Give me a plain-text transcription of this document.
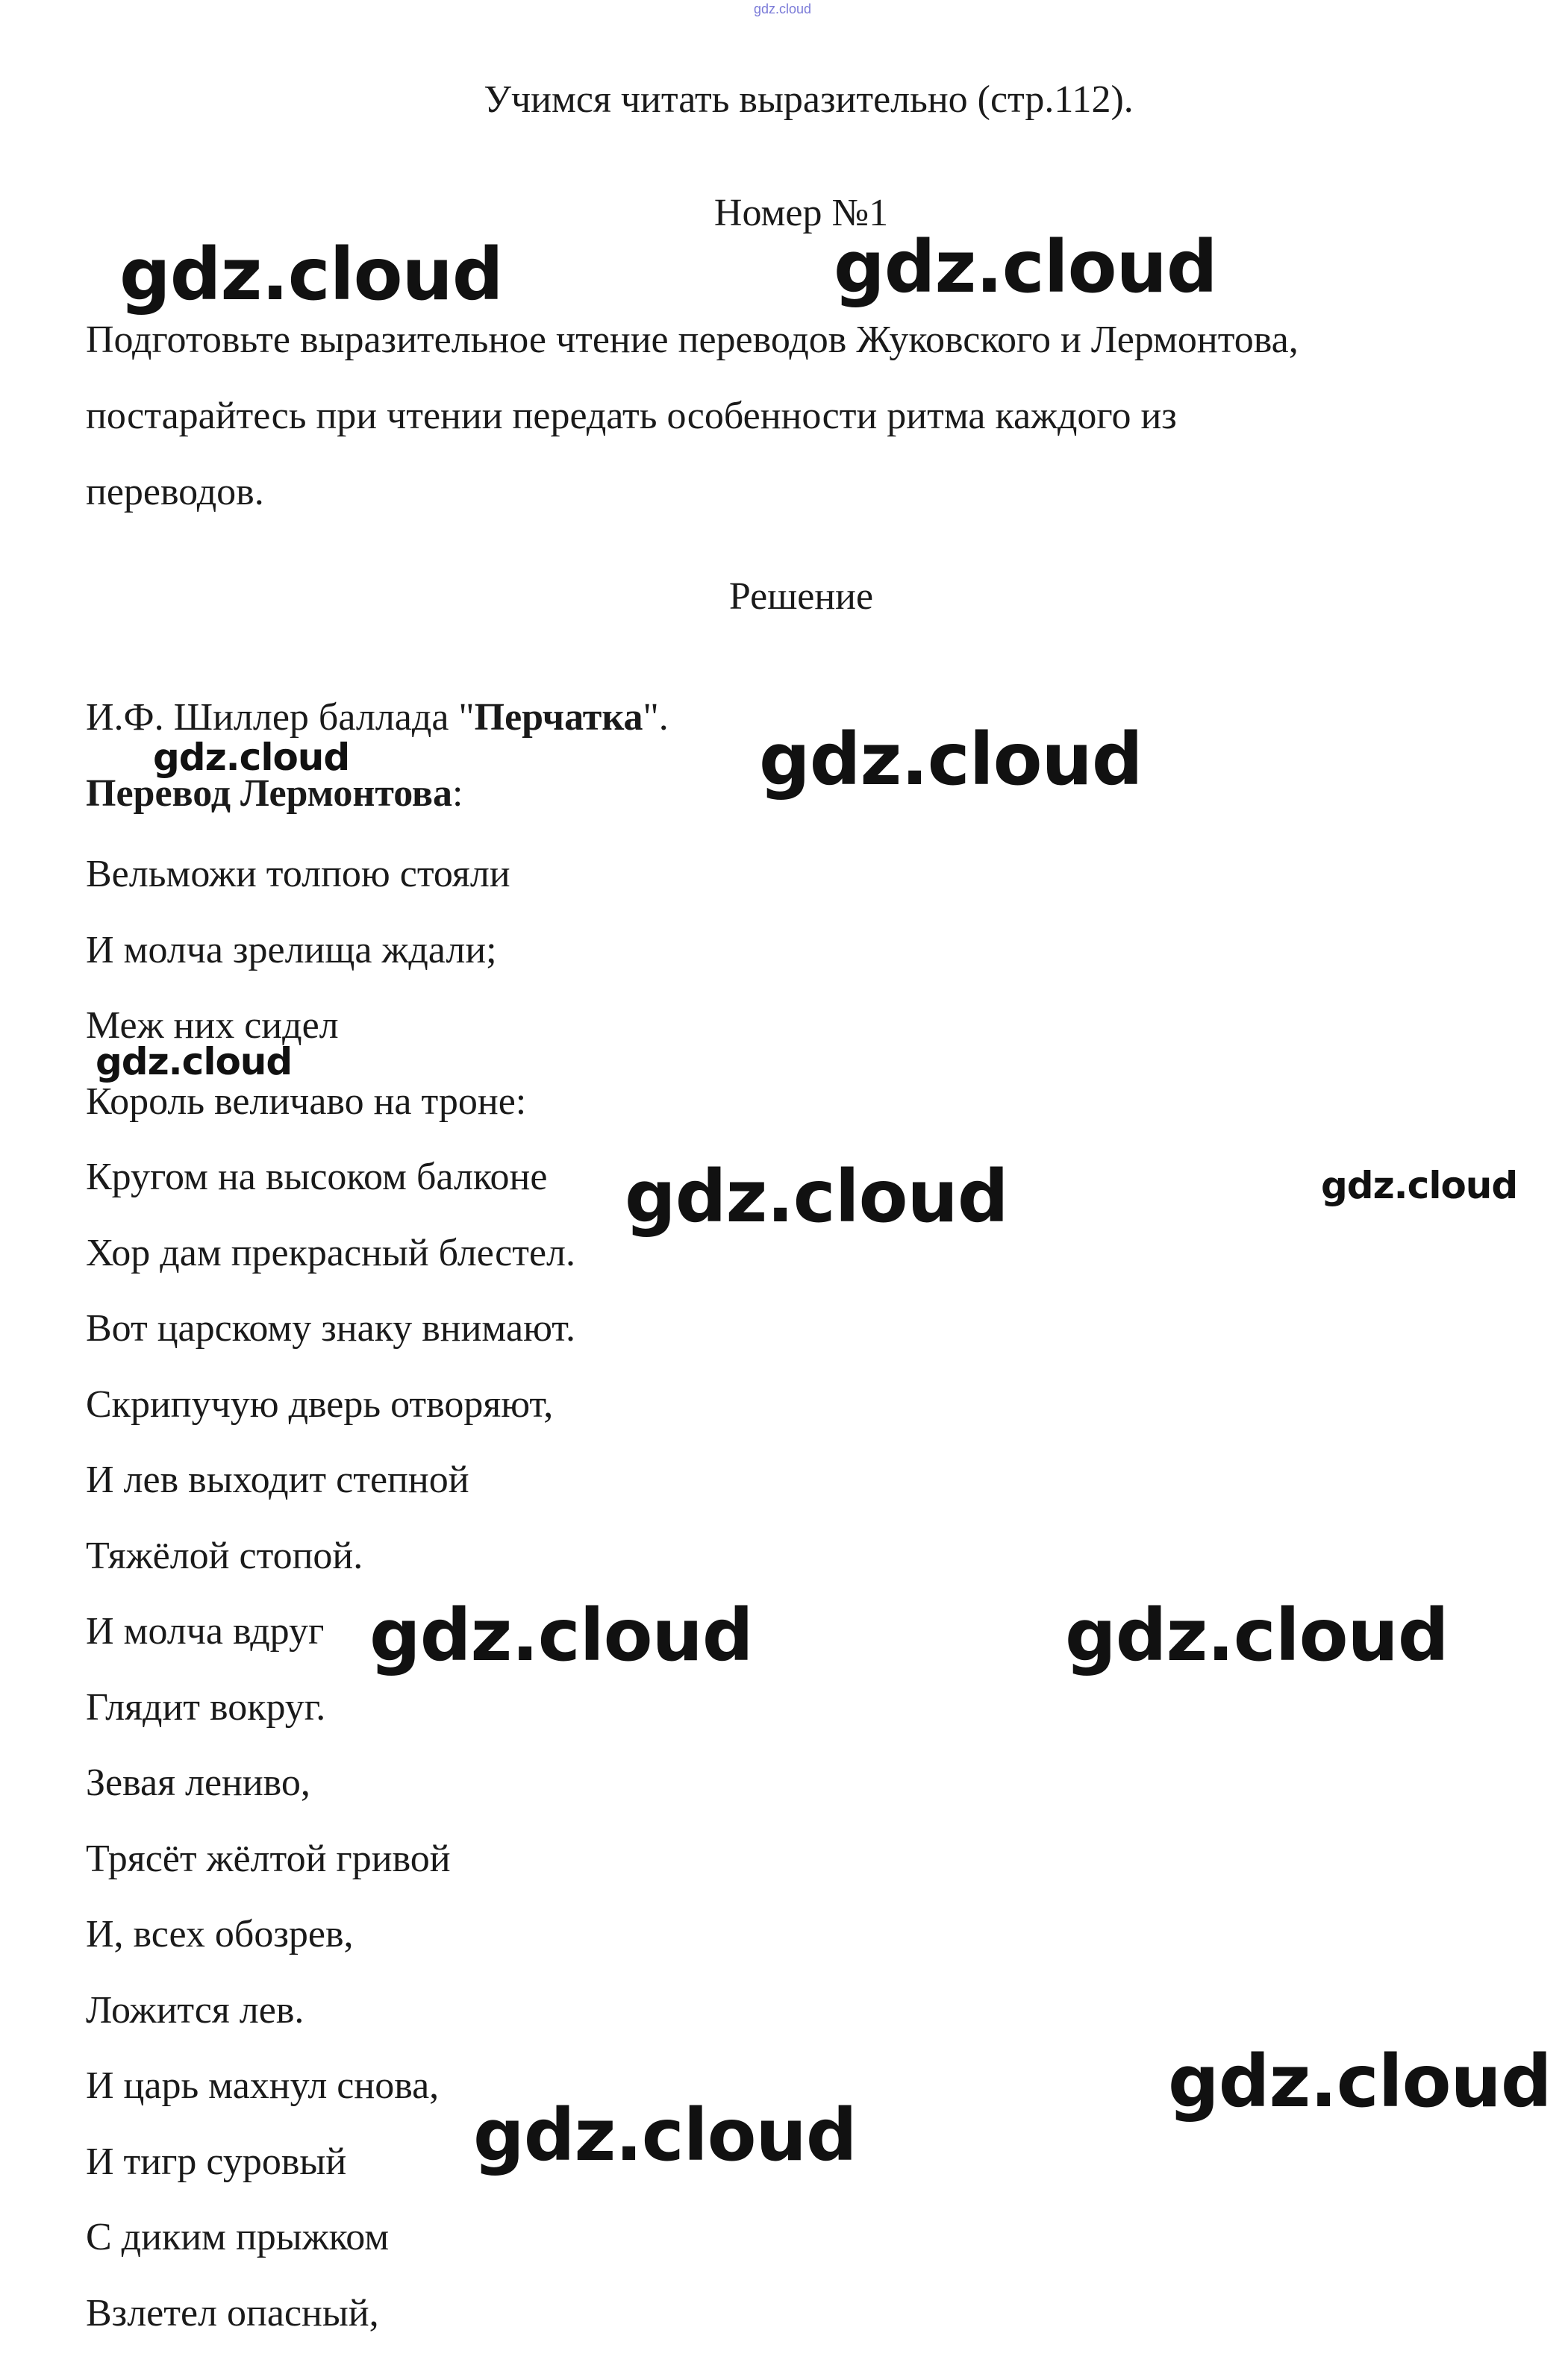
gdz.cloud
Учимся читать выразительно (стр.112).
Номер №1
Подготовьте выразительное чтение переводов Жуковского и Лермонтова,
постарайтесь при чтении передать особенности ритма каждого из
переводов.
Решение
И.Ф. Шиллер баллада "Перчатка".
Перевод Лермонтова:
Вельможи толпою стояли
И молча зрелища ждали;
Меж них сидел
Король величаво на троне:
Кругом на высоком балконе
Хор дам прекрасный блестел.
Вот царскому знаку внимают.
Скрипучую дверь отворяют,
И лев выходит степной
Тяжёлой стопой.
И молча вдруг
Глядит вокруг.
Зевая лениво,
Трясёт жёлтой гривой
И, всех обозрев,
Ложится лев.
И царь махнул снова,
И тигр суровый
С диким прыжком
Взлетел опасный,
gdz.cloud	gdz.cloud
gdz.cloud	gdz.cloud
gdz.cloud
gdz.cloud	gdz.cloud
gdz.cloud	gdz.cloud
gdz.cloud
gdz.cloud
